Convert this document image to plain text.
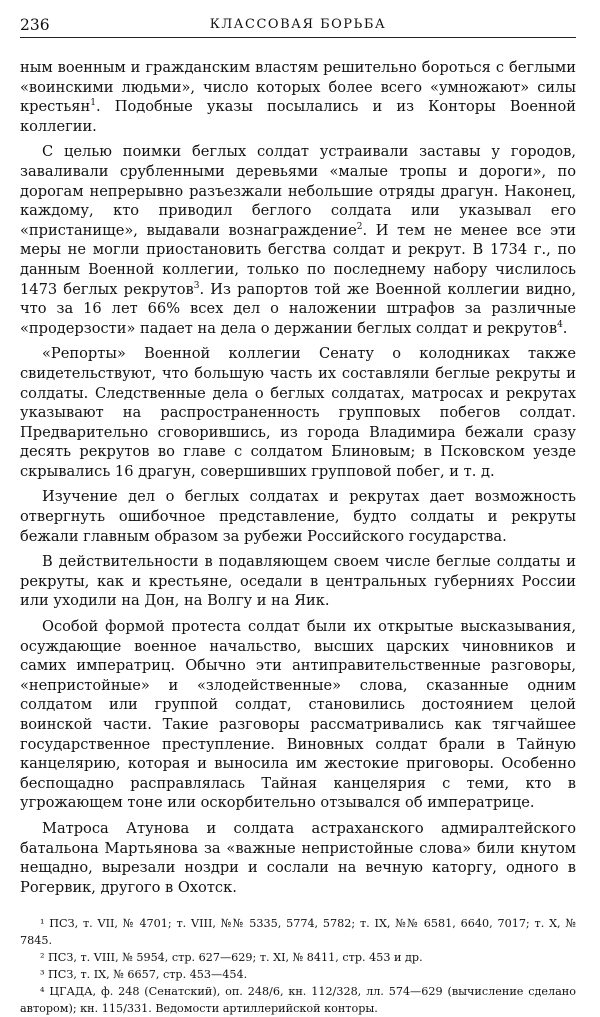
236	КЛАССОВАЯ БОРЬБА

ным военным и гражданским властям решительно бороться с беглыми «воинскими людьми», число которых более всего «умножают» силы крестьян$^1$. Подобные указы посылались и из Конторы Военной коллегии.

С целью поимки беглых солдат устраивали заставы у городов, заваливали срубленными деревьями «малые тропы и дороги», по дорогам непрерывно разъезжали небольшие отряды драгун. Наконец, каждому, кто приводил беглого солдата или указывал его «пристанище», выдавали вознаграждение$^2$. И тем не менее все эти меры не могли приостановить бегства солдат и рекрут. В 1734 г., по данным Военной коллегии, только по последнему набору числилось 1473 беглых рекрутов$^3$. Из рапортов той же Военной коллегии видно, что за 16 лет 66% всех дел о наложении штрафов за различные «продерзости» падает на дела о держании беглых солдат и рекрутов$^4$.

«Репорты» Военной коллегии Сенату о колодниках также свидетельствуют, что большую часть их составляли беглые рекруты и солдаты. Следственные дела о беглых солдатах, матросах и рекрутах указывают на распространенность групповых побегов солдат. Предварительно сговорившись, из города Владимира бежали сразу десять рекрутов во главе с солдатом Блиновым; в Псковском уезде скрывались 16 драгун, совершивших групповой побег, и т. д.

Изучение дел о беглых солдатах и рекрутах дает возможность отвергнуть ошибочное представление, будто солдаты и рекруты бежали главным образом за рубежи Российского государства.

В действительности в подавляющем своем числе беглые солдаты и рекруты, как и крестьяне, оседали в центральных губерниях России или уходили на Дон, на Волгу и на Яик.

Особой формой протеста солдат были их открытые высказывания, осуждающие военное начальство, высших царских чиновников и самих императриц. Обычно эти антиправительственные разговоры, «непристойные» и «злодейственные» слова, сказанные одним солдатом или группой солдат, становились достоянием целой воинской части. Такие разговоры рассматривались как тягчайшее государственное преступление. Виновных солдат брали в Тайную канцелярию, которая и выносила им жестокие приговоры. Особенно беспощадно расправлялась Тайная канцелярия с теми, кто в угрожающем тоне или оскорбительно отзывался об императрице.

Матроса Атунова и солдата астраханского адмиралтейского батальона Мартьянова за «важные непристойные слова» били кнутом нещадно, вырезали ноздри и сослали на вечную каторгу, одного в Рогервик, другого в Охотск.

¹ ПСЗ, т. VII, № 4701; т. VIII, №№ 5335, 5774, 5782; т. IX, №№ 6581, 6640, 7017; т. X, № 7845.

² ПСЗ, т. VIII, № 5954, стр. 627—629; т. XI, № 8411, стр. 453 и др.

³ ПСЗ, т. IX, № 6657, стр. 453—454.

⁴ ЦГАДА, ф. 248 (Сенатский), оп. 248/6, кн. 112/328, лл. 574—629 (вычисление сделано автором); кн. 115/331. Ведомости артиллерийской конторы.
